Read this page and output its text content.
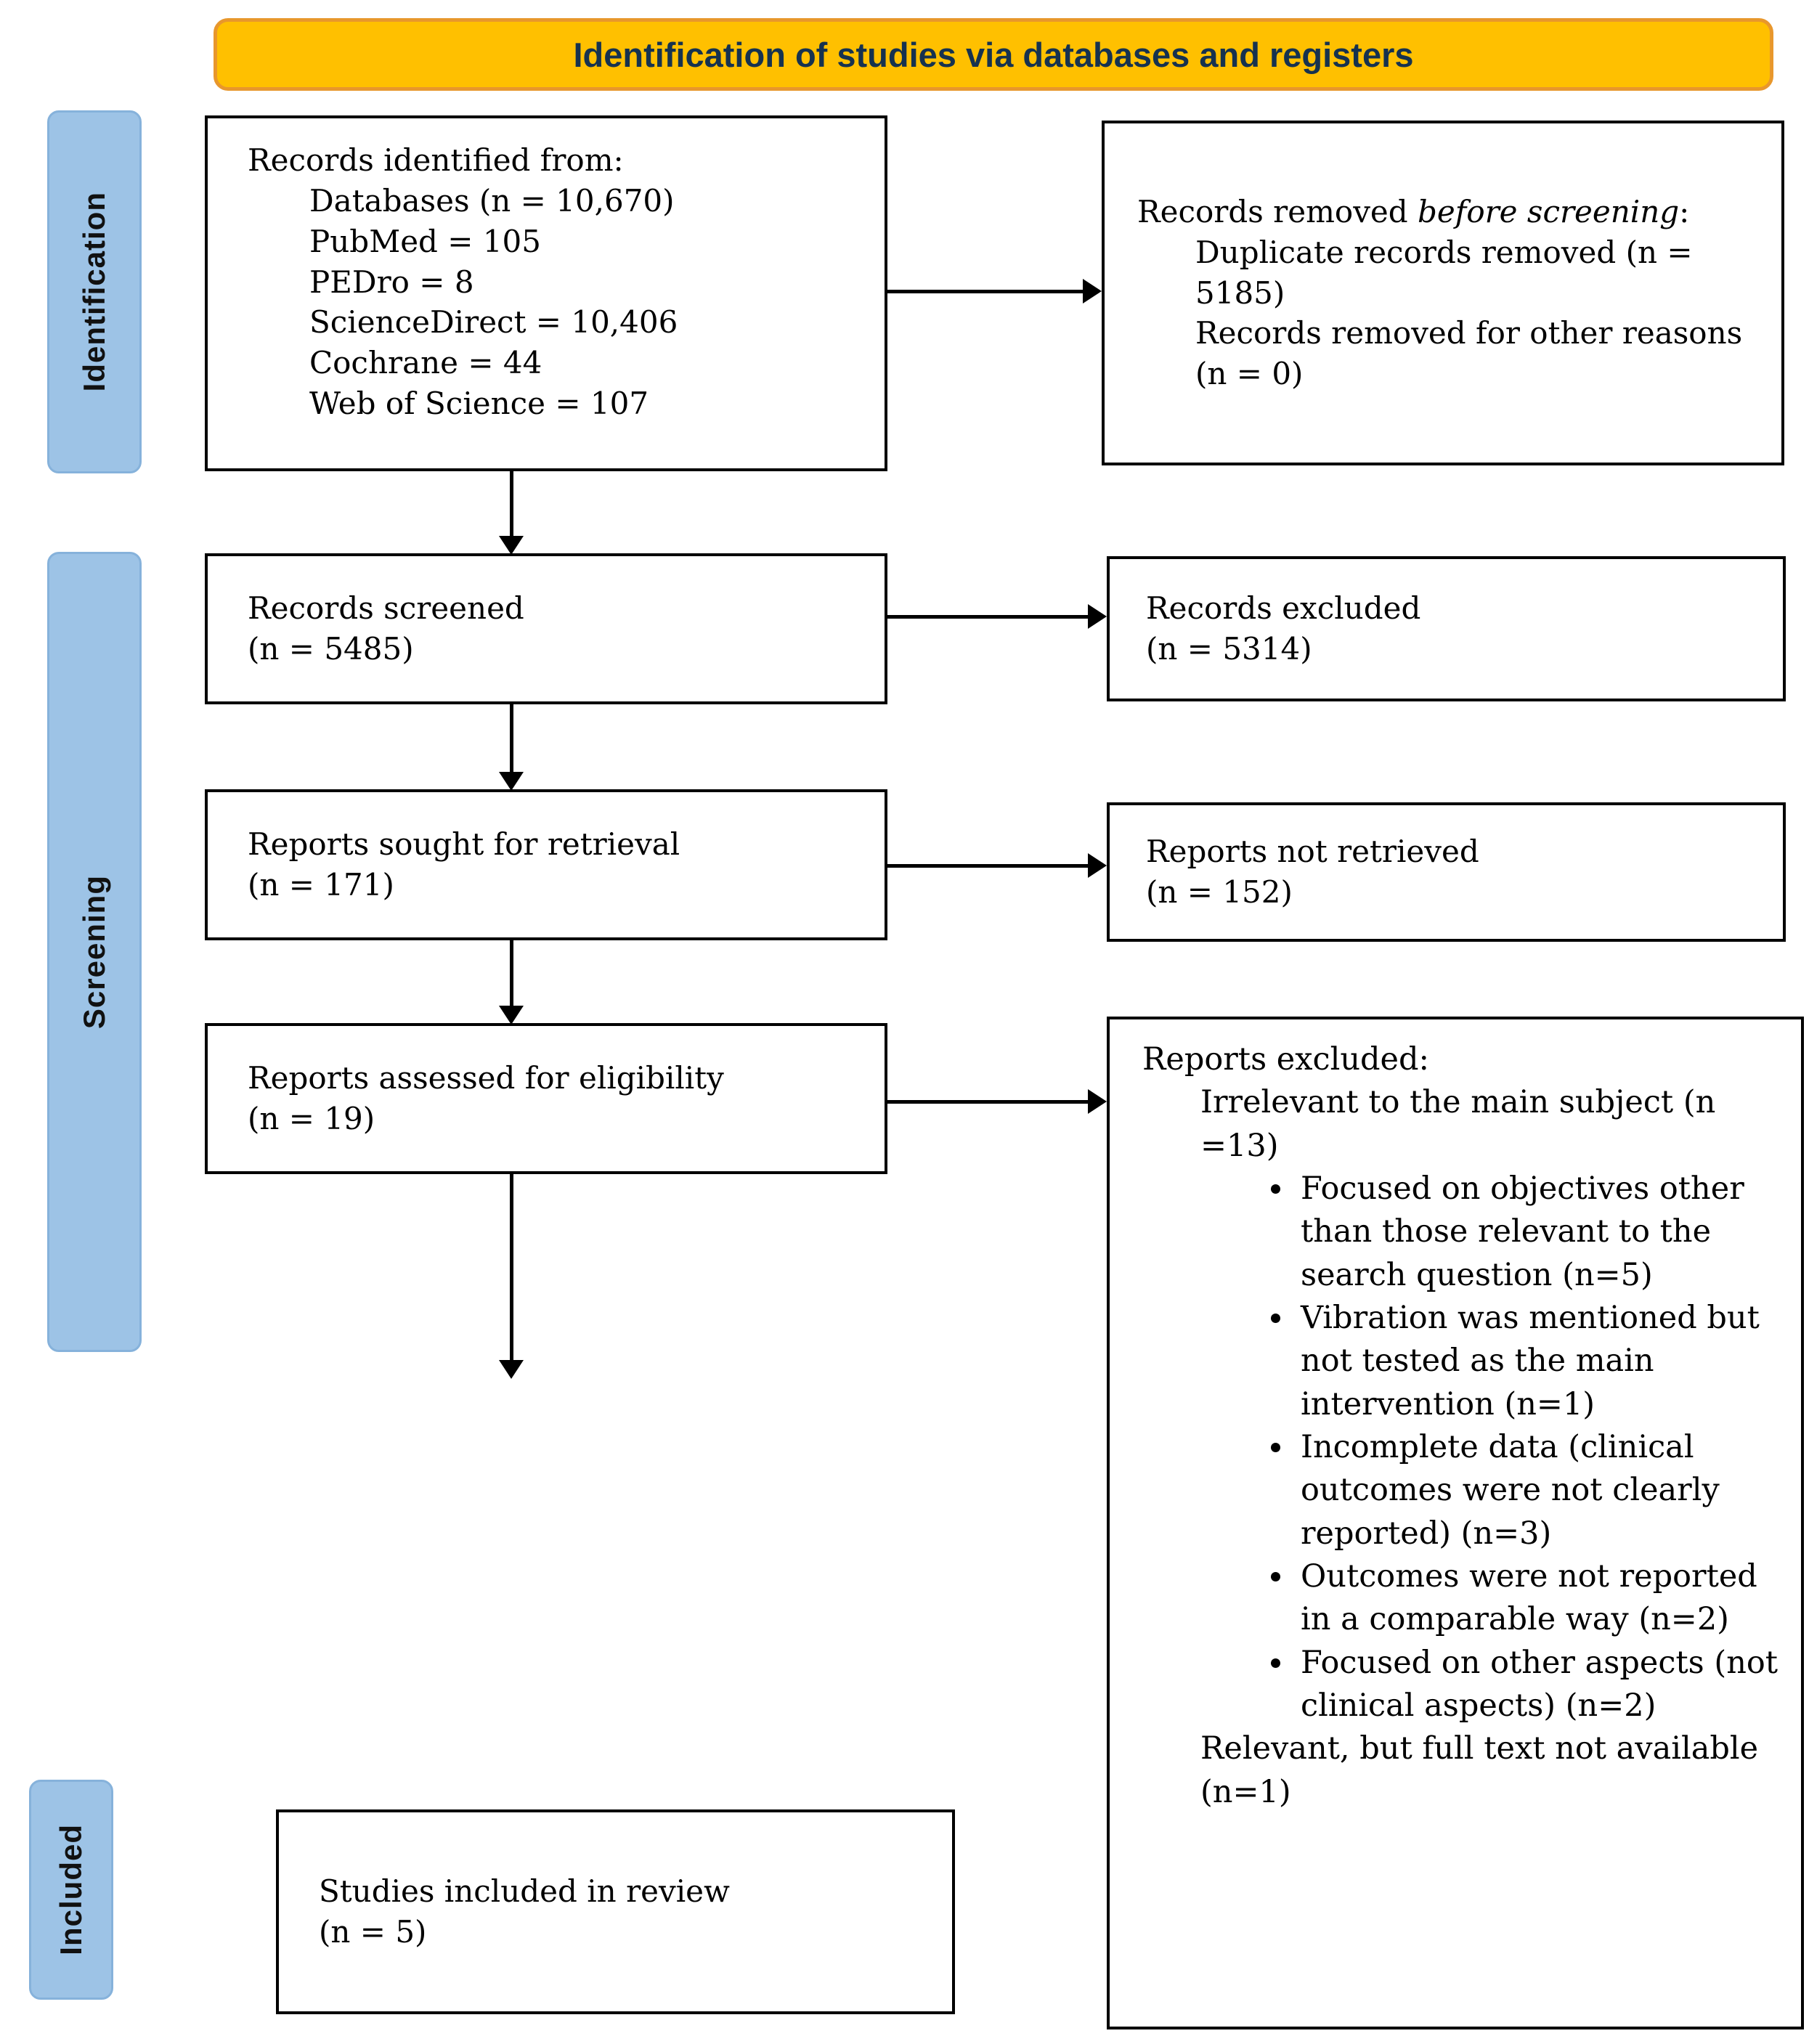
Identification of studies via databases and registers
Identification
Screening
Included
Records identified from:
Databases (n = 10,670)
PubMed = 105
PEDro = 8
ScienceDirect = 10,406
Cochrane = 44
Web of Science = 107
Records removed before screening:
Duplicate records removed (n = 5185)
Records removed for other reasons (n = 0)
Records screened
(n = 5485)
Records excluded
(n = 5314)
Reports sought for retrieval
(n = 171)
Reports not retrieved
(n = 152)
Reports assessed for eligibility
(n = 19)
Reports excluded:
Irrelevant to the main subject (n =13)
• Focused on objectives other than those relevant to the search question (n=5)
• Vibration was mentioned but not tested as the main intervention (n=1)
• Incomplete data (clinical outcomes were not clearly reported) (n=3)
• Outcomes were not reported in a comparable way (n=2)
• Focused on other aspects (not clinical aspects) (n=2)
Relevant, but full text not available (n=1)
Studies included in review
(n = 5)
